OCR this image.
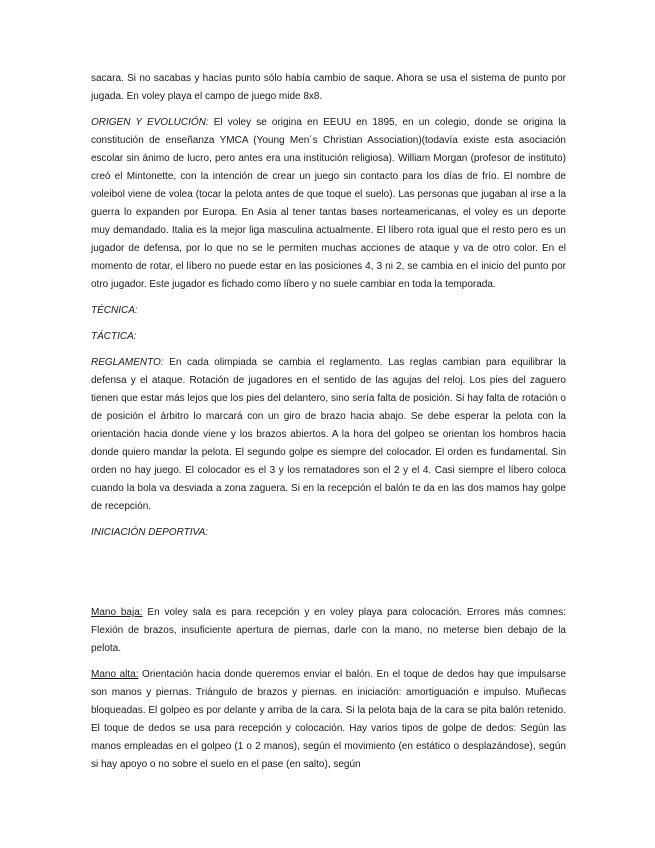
sacara. Si no sacabas y hacías punto sólo había cambio de saque. Ahora se usa el sistema de punto por jugada. En voley playa el campo de juego mide 8x8.

ORIGEN Y EVOLUCIÓN: El voley se origina en EEUU en 1895, en un colegio, donde se origina la constitución de enseñanza YMCA (Young Men´s Christian Association)(todavía existe esta asociación escolar sin ánimo de lucro, pero antes era una institución religiosa). William Morgan (profesor de instituto) creó el Mintonette, con la intención de crear un juego sin contacto para los días de frío. El nombre de voleibol viene de volea (tocar la pelota antes de que toque el suelo). Las personas que jugaban al irse a la guerra lo expanden por Europa. En Asia al tener tantas bases norteamericanas, el voley es un deporte muy demandado. Italia es la mejor liga masculina actualmente. El líbero rota igual que el resto pero es un jugador de defensa, por lo que no se le permiten muchas acciones de ataque y va de otro color. En el momento de rotar, el líbero no puede estar en las posiciones 4, 3 ni 2, se cambia en el inicio del punto por otro jugador. Este jugador es fichado como líbero y no suele cambiar en toda la temporada.

TÉCNICA:

TÁCTICA:

REGLAMENTO: En cada olimpiada se cambia el reglamento. Las reglas cambian para equilibrar la defensa y el ataque. Rotación de jugadores en el sentido de las agujas del reloj. Los pies del zaguero tienen que estar más lejos que los pies del delantero, sino sería falta de posición. Si hay falta de rotación o de posición el árbitro lo marcará con un giro de brazo hacia abajo. Se debe esperar la pelota con la orientación hacia donde viene y los brazos abiertos. A la hora del golpeo se orientan los hombros hacia donde quiero mandar la pelota. El segundo golpe es siempre del colocador. El orden es fundamental. Sin orden no hay juego. El colocador es el 3 y los rematadores son el 2 y el 4. Casi siempre el líbero coloca cuando la bola va desviada a zona zaguera. Si en la recepción el balón te da en las dos mamos hay golpe de recepción.

INICIACIÓN DEPORTIVA:

Mano baja: En voley sala es para recepción y en voley playa para colocación. Errores más comnes: Flexión de brazos, insuficiente apertura de piernas, darle con la mano, no meterse bien debajo de la pelota.

Mano alta: Orientación hacia donde queremos enviar el balón. En el toque de dedos hay que impulsarse son manos y piernas. Triángulo de brazos y piernas. en iniciación: amortiguación e impulso. Muñecas bloqueadas. El golpeo es por delante y arriba de la cara. Si la pelota baja de la cara se pita balón retenido. El toque de dedos se usa para recepción y colocación. Hay varios tipos de golpe de dedos: Según las manos empleadas en el golpeo (1 o 2 manos), según el movimiento (en estático o desplazándose), según si hay apoyo o no sobre el suelo en el pase (en salto), según
